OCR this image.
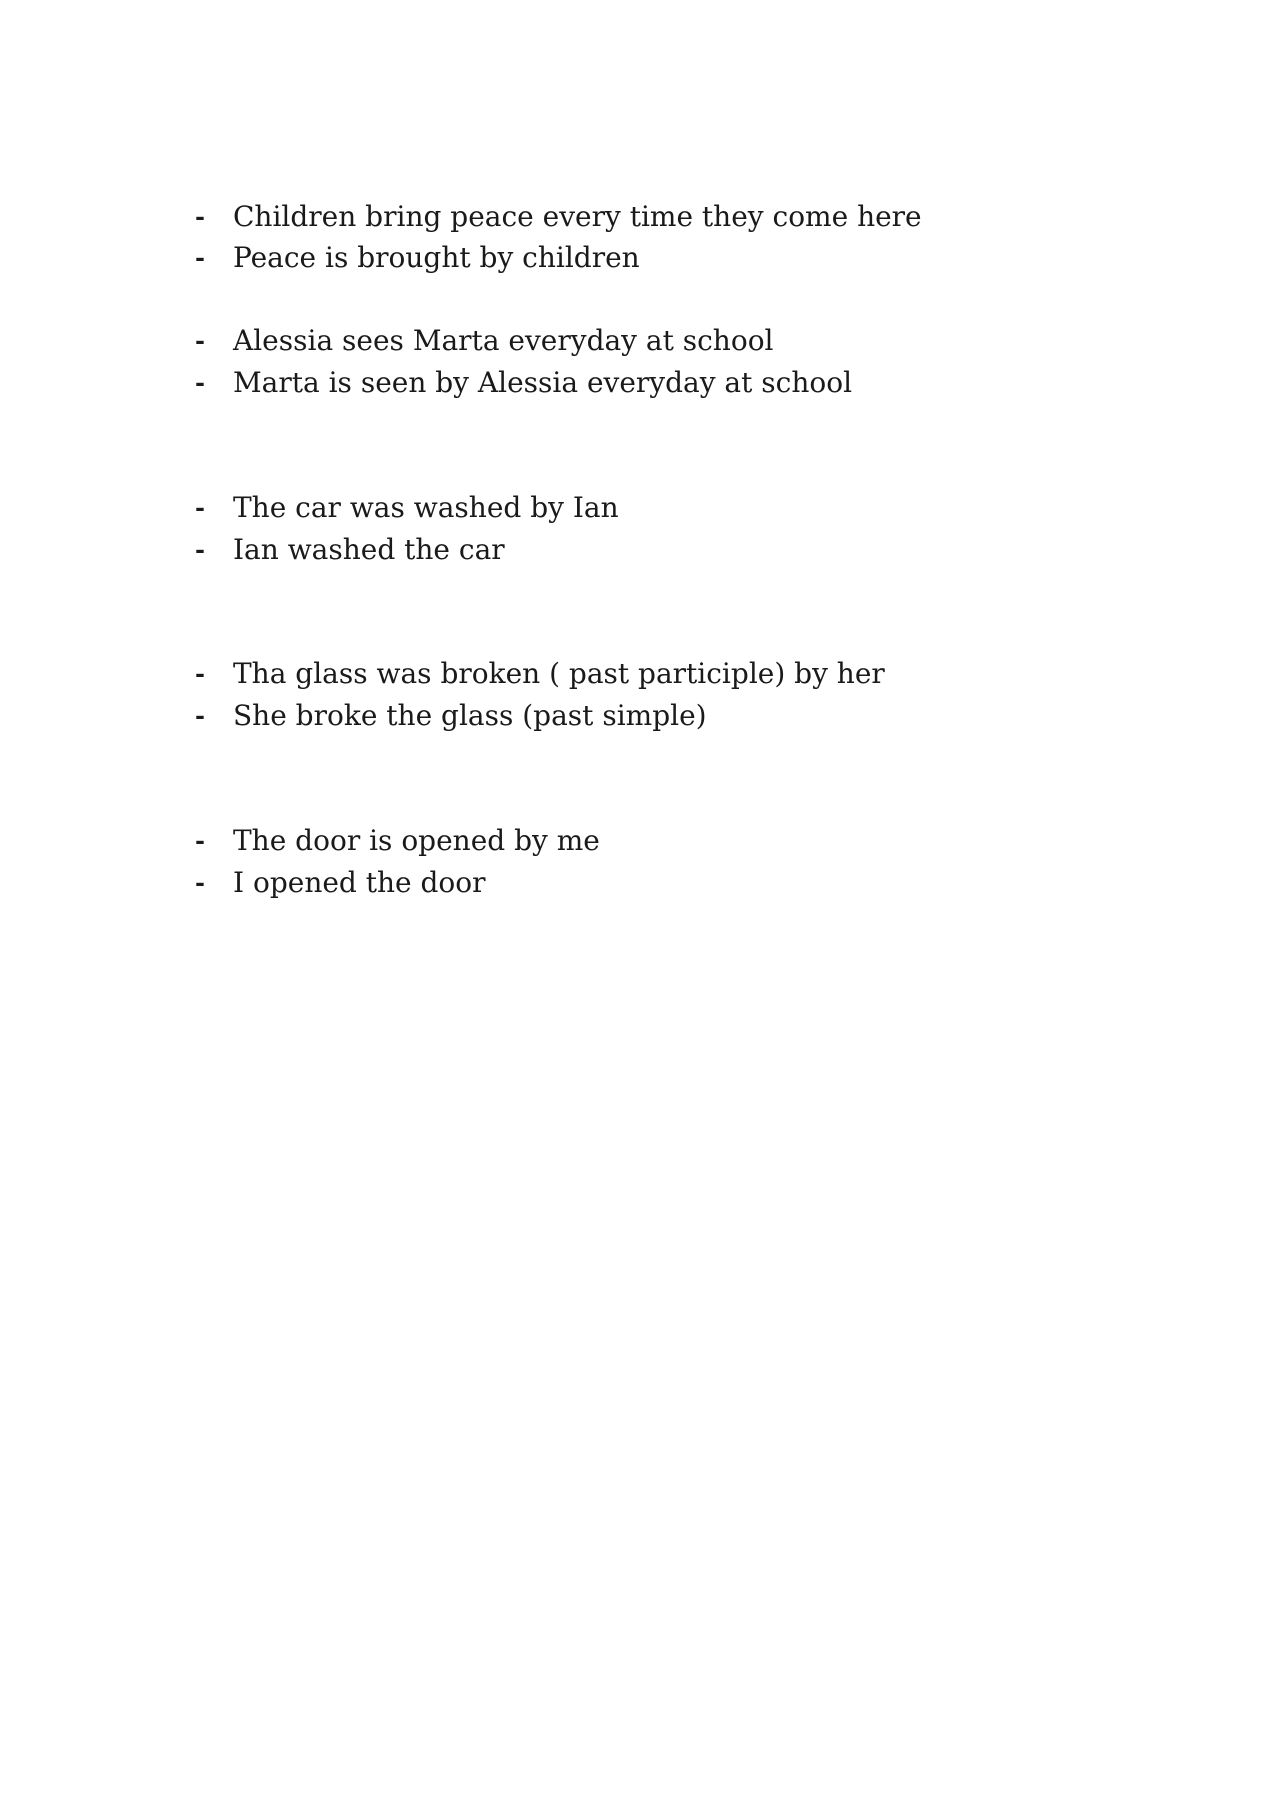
-	Children bring peace every time they come here
-	Peace is brought by children
-	Alessia sees Marta everyday at school
-	Marta is seen by Alessia everyday at school
-	The car was washed by Ian
-	Ian washed the car
-	Tha glass was broken ( past participle) by her
-	She broke the glass (past simple)
-	The door is opened by me
-	I opened the door
